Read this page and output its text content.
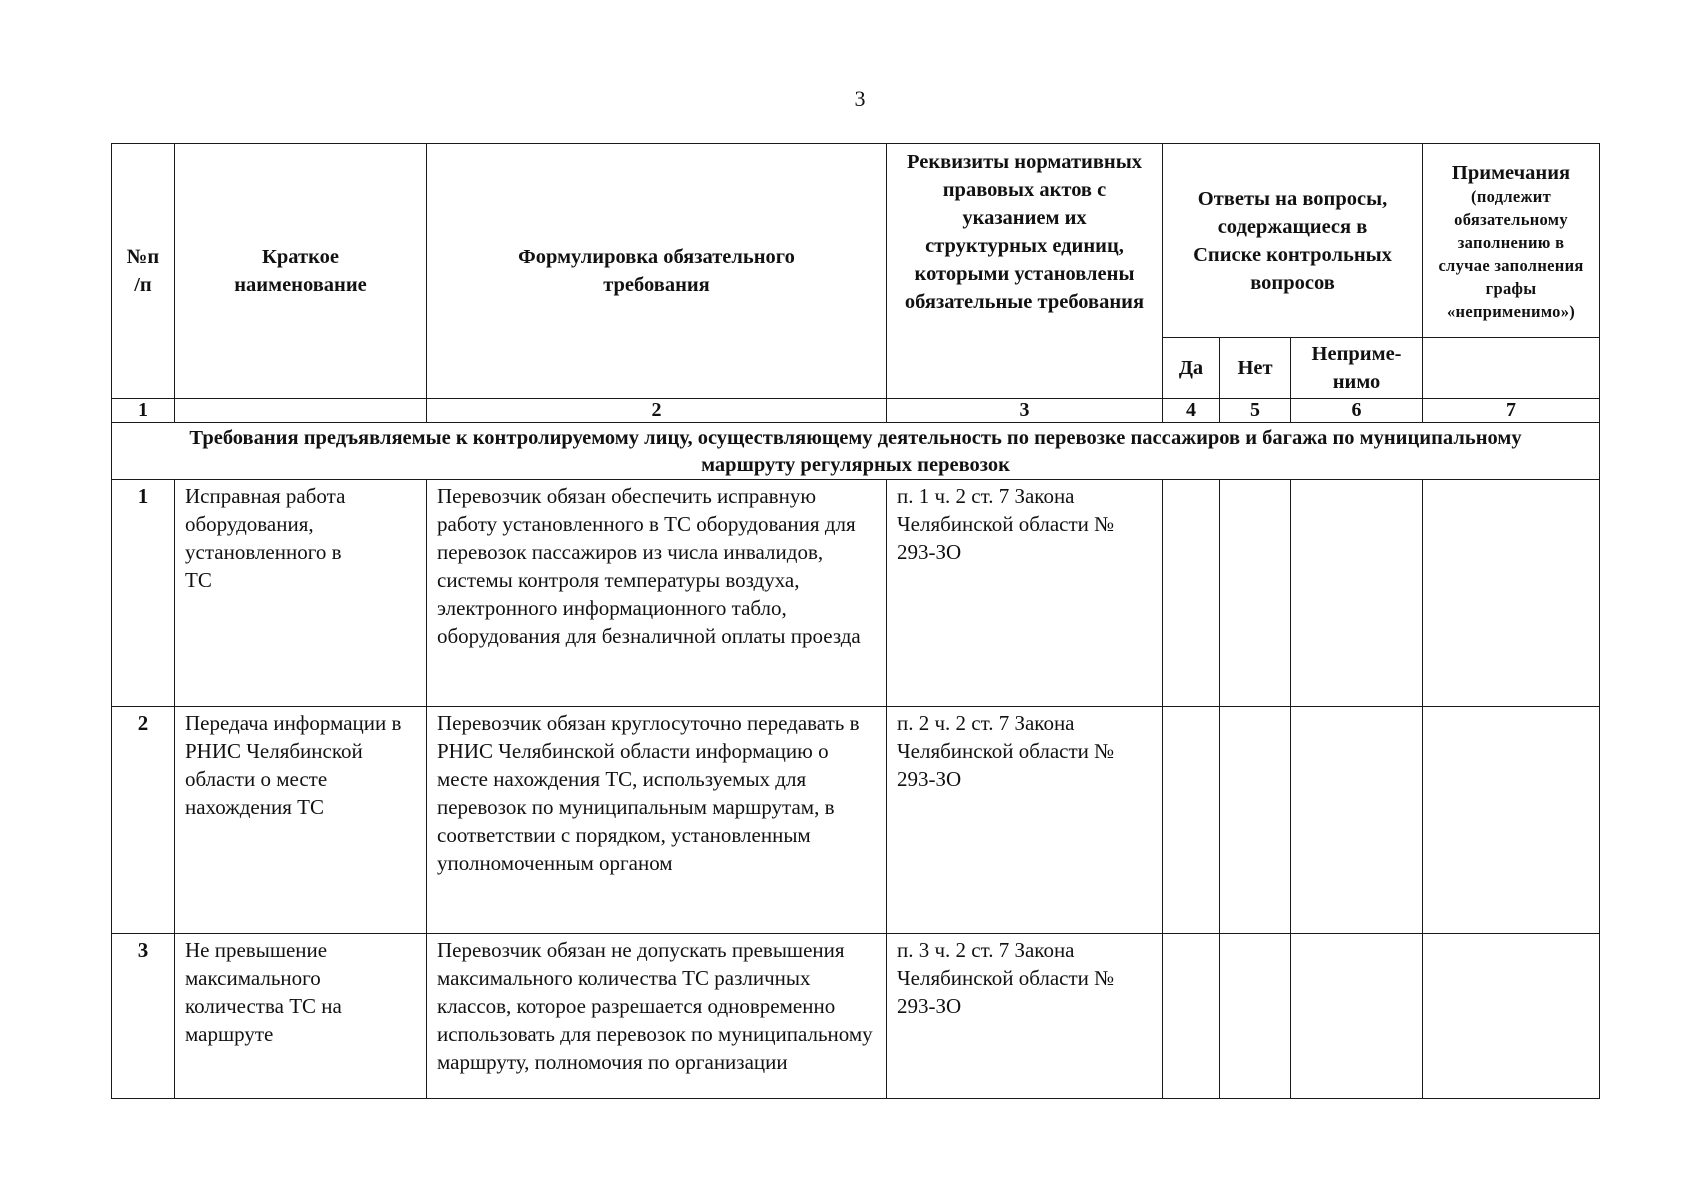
3
№п /п	Краткое наименование	Формулировка обязательного требования	Реквизиты нормативных правовых актов с указанием их структурных единиц, которыми установлены обязательные требования	Ответы на вопросы, содержащиеся в Списке контрольных вопросов			Примечания
(подлежит обязательному заполнению в случае заполнения графы «неприменимо»)

				Да	Нет	Неприме-нимо	

1		2	3	4	5	6	7

Требования предъявляемые к контролируемому лицу, осуществляющему деятельность по перевозке пассажиров и багажа по муниципальному маршруту регулярных перевозок							

1	Исправная работа оборудования, установленного в ТС	Перевозчик обязан обеспечить исправную работу установленного в ТС оборудования для перевозок пассажиров из числа инвалидов, системы контроля температуры воздуха, электронного информационного табло, оборудования для безналичной оплаты проезда	п. 1 ч. 2 ст. 7 Закона Челябинской области № 293-ЗО				

2	Передача информации в РНИС Челябинской области о месте нахождения ТС	Перевозчик обязан круглосуточно передавать в РНИС Челябинской области информацию о месте нахождения ТС, используемых для перевозок по муниципальным маршрутам, в соответствии с порядком, установленным уполномоченным органом	п. 2 ч. 2 ст. 7 Закона Челябинской области № 293-ЗО				

3	Не превышение максимального количества ТС на маршруте	Перевозчик обязан не допускать превышения максимального количества ТС различных классов, которое разрешается одновременно использовать для перевозок по муниципальному маршруту, полномочия по организации	п. 3 ч. 2 ст. 7 Закона Челябинской области № 293-ЗО				
